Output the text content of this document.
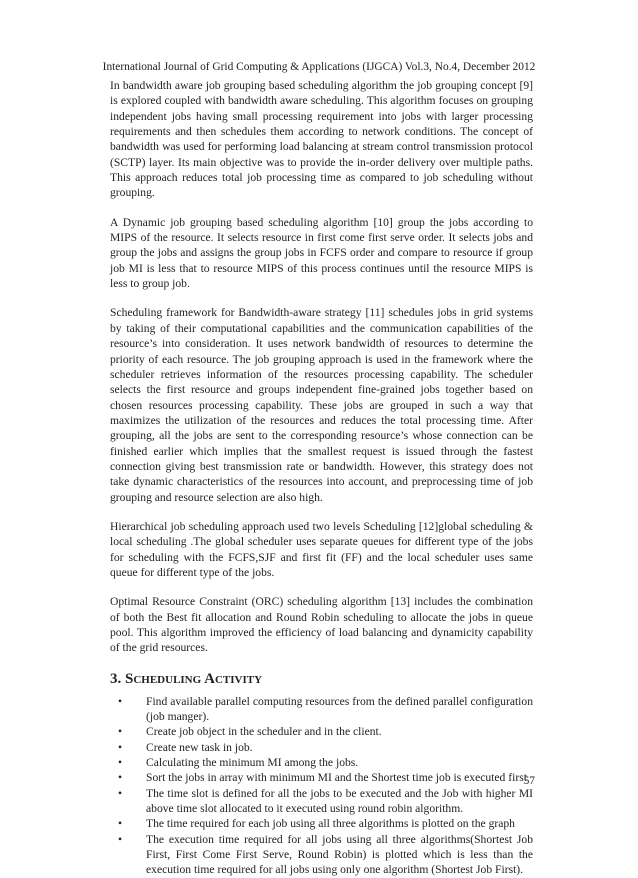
International Journal of Grid Computing & Applications (IJGCA) Vol.3, No.4, December 2012

In bandwidth aware job grouping based scheduling algorithm the job grouping concept [9] is explored coupled with bandwidth aware scheduling. This algorithm focuses on grouping independent jobs having small processing requirement into jobs with larger processing requirements and then schedules them according to network conditions. The concept of bandwidth was used for performing load balancing at stream control transmission protocol (SCTP) layer. Its main objective was to provide the in-order delivery over multiple paths. This approach reduces total job processing time as compared to job scheduling without grouping.

A Dynamic job grouping based scheduling algorithm [10] group the jobs according to MIPS of the resource. It selects resource in first come first serve order. It selects jobs and group the jobs and assigns the group jobs in FCFS order and compare to resource if group job MI is less that to resource MIPS of this process continues until the resource MIPS is less to group job.

Scheduling framework for Bandwidth-aware strategy [11] schedules jobs in grid systems by taking of their computational capabilities and the communication capabilities of the resource’s into consideration. It uses network bandwidth of resources to determine the priority of each resource. The job grouping approach is used in the framework where the scheduler retrieves information of the resources processing capability. The scheduler selects the first resource and groups independent fine-grained jobs together based on chosen resources processing capability. These jobs are grouped in such a way that maximizes the utilization of the resources and reduces the total processing time. After grouping, all the jobs are sent to the corresponding resource’s whose connection can be finished earlier which implies that the smallest request is issued through the fastest connection giving best transmission rate or bandwidth. However, this strategy does not take dynamic characteristics of the resources into account, and preprocessing time of job grouping and resource selection are also high.

Hierarchical job scheduling approach used two levels Scheduling [12]global scheduling & local scheduling .The global scheduler uses separate queues for different type of the jobs for scheduling with the FCFS,SJF and first fit (FF) and the local scheduler uses same queue for different type of the jobs.

Optimal Resource Constraint (ORC) scheduling algorithm [13] includes the combination of both the Best fit allocation and Round Robin scheduling to allocate the jobs in queue pool. This algorithm improved the efficiency of load balancing and dynamicity capability of the grid resources.

3. Scheduling Activity
• Find available parallel computing resources from the defined parallel configuration (job manger).
• Create job object in the scheduler and in the client.
• Create new task in job.
• Calculating the minimum MI among the jobs.
• Sort the jobs in array with minimum MI and the Shortest time job is executed first
• The time slot is defined for all the jobs to be executed and the Job with higher MI above time slot allocated to it executed using round robin algorithm.
• The time required for each job using all three algorithms is plotted on the graph
• The execution time required for all jobs using all three algorithms(Shortest Job First, First Come First Serve, Round Robin) is plotted which is less than the execution time required for all jobs using only one algorithm (Shortest Job First).
57
